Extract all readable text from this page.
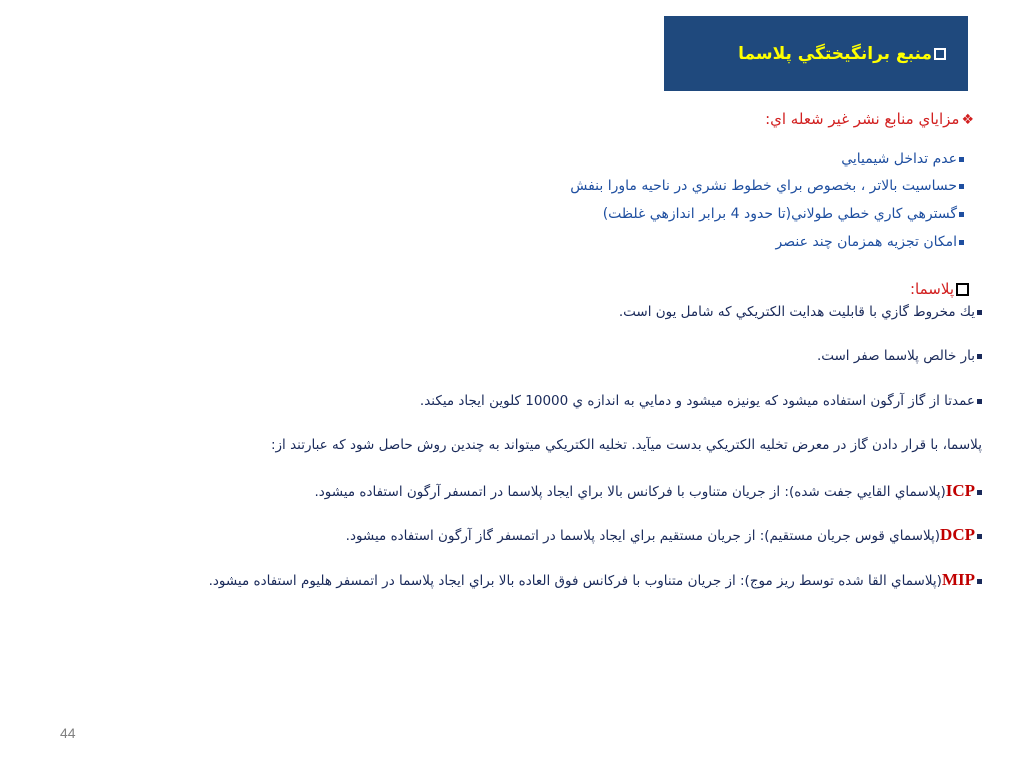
منبع برانگيختگي پلاسما
❖مزاياي منابع نشر غير شعله اي:
عدم تداخل شيميايي
حساسيت بالاتر ، بخصوص براي خطوط نشري در ناحيه ماورا بنفش
گسترهي كاري خطي طولاني(تا حدود 4 برابر اندازهي غلظت)
امكان تجزيه همزمان چند عنصر
پلاسما:
يك مخروط گازي با قابليت هدايت الكتريكي كه شامل يون است.
بار خالص پلاسما صفر است.
عمدتا از گاز آرگون استفاده ميشود كه يونيزه ميشود و دمايي به اندازه ي 10000 كلوين ايجاد ميكند.
پلاسما، با قرار دادن گاز در معرض تخليه الكتريكي بدست ميآيد. تخليه الكتريكي ميتواند به چندين روش حاصل شود كه عبارتند از:
ICP(پلاسماي القايي جفت شده): از جريان متناوب با فركانس بالا براي ايجاد پلاسما در اتمسفر آرگون استفاده ميشود.
DCP(پلاسماي قوس جريان مستقيم): از جريان مستقيم براي ايجاد پلاسما در اتمسفر گاز آرگون استفاده ميشود.
MIP(پلاسماي القا شده توسط ريز موج): از جريان متناوب با فركانس فوق العاده بالا براي ايجاد پلاسما در اتمسفر هليوم استفاده ميشود.
44
